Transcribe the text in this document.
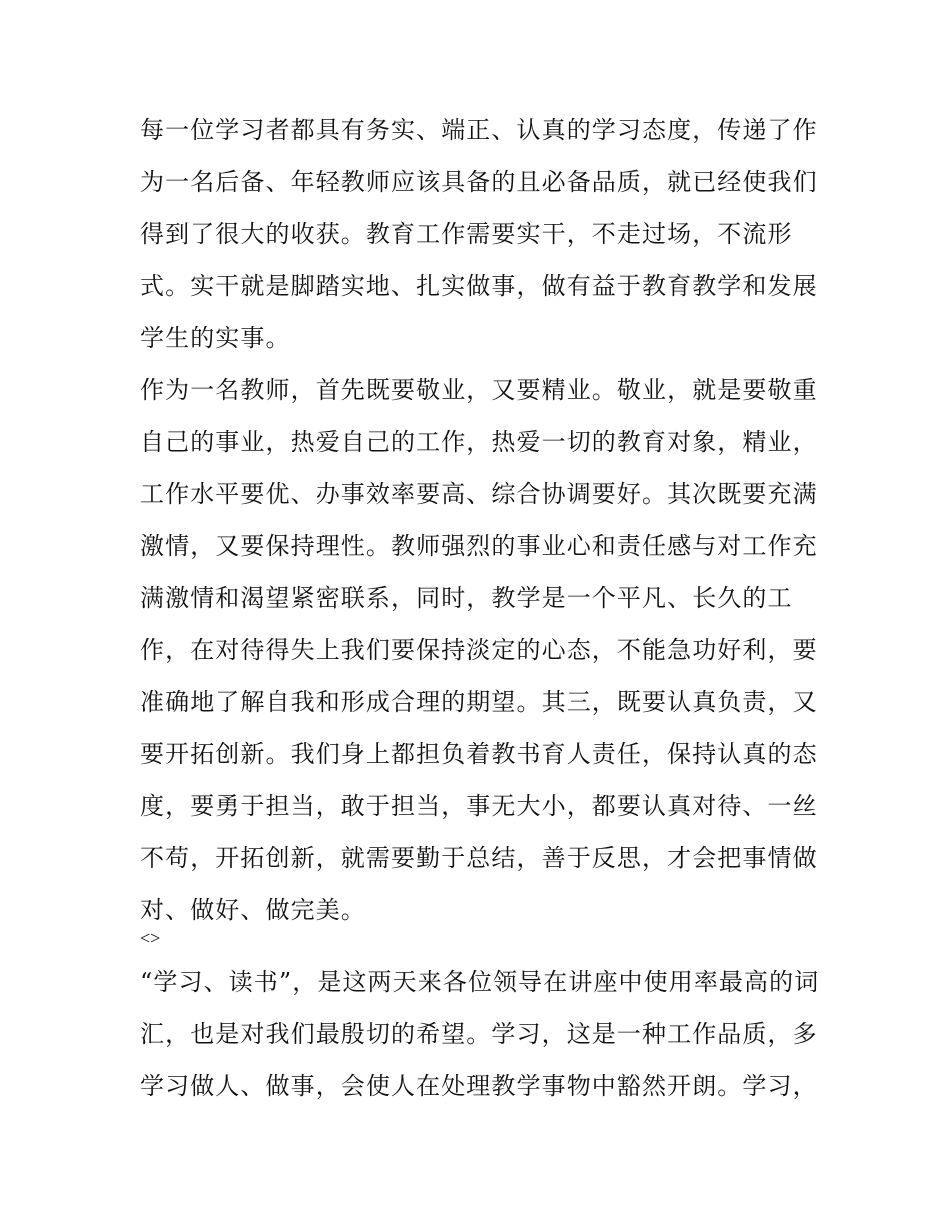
每一位学习者都具有务实、端正、认真的学习态度，传递了作
为一名后备、年轻教师应该具备的且必备品质，就已经使我们
得到了很大的收获。教育工作需要实干，不走过场，不流形
式。实干就是脚踏实地、扎实做事，做有益于教育教学和发展
学生的实事。
作为一名教师，首先既要敬业，又要精业。敬业，就是要敬重
自己的事业，热爱自己的工作，热爱一切的教育对象，精业，
工作水平要优、办事效率要高、综合协调要好。其次既要充满
激情，又要保持理性。教师强烈的事业心和责任感与对工作充
满激情和渴望紧密联系，同时，教学是一个平凡、长久的工
作，在对待得失上我们要保持淡定的心态，不能急功好利，要
准确地了解自我和形成合理的期望。其三，既要认真负责，又
要开拓创新。我们身上都担负着教书育人责任，保持认真的态
度，要勇于担当，敢于担当，事无大小，都要认真对待、一丝
不苟，开拓创新，就需要勤于总结，善于反思，才会把事情做
对、做好、做完美。
<>
“学习、读书”，是这两天来各位领导在讲座中使用率最高的词
汇，也是对我们最殷切的希望。学习，这是一种工作品质，多
学习做人、做事，会使人在处理教学事物中豁然开朗。学习，
